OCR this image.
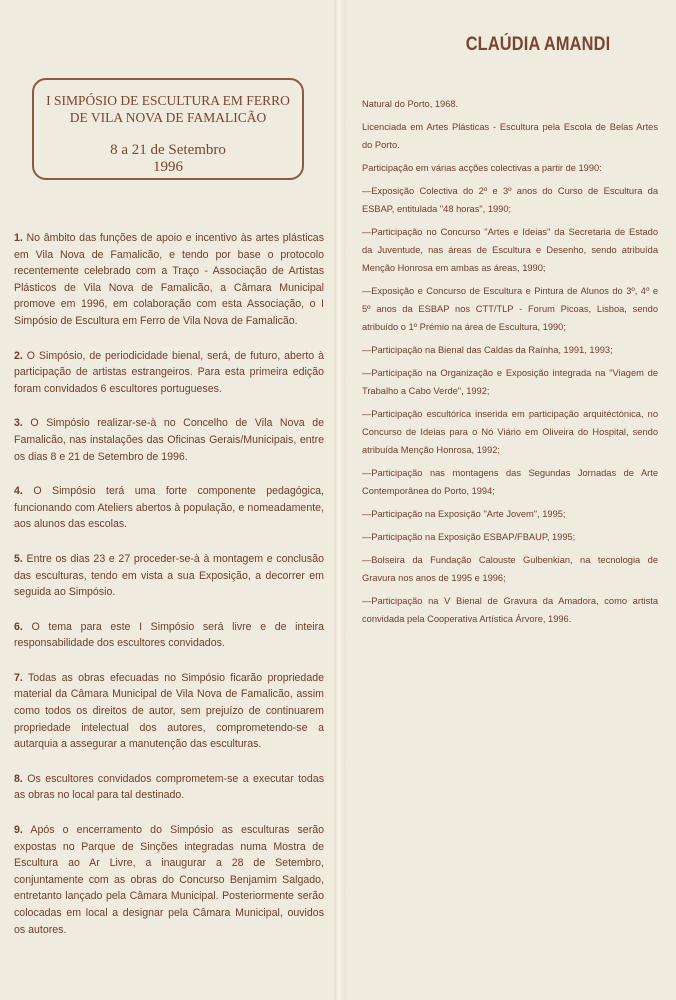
I SIMPÓSIO DE ESCULTURA EM FERRO
DE VILA NOVA DE FAMALICÃO
8 a 21 de Setembro
1996

1. No âmbito das funções de apoio e incentivo às artes plásticas em Vila Nova de Famalicão, e tendo por base o protocolo recentemente celebrado com a Traço - Associação de Artistas Plásticos de Vila Nova de Famalicão, a Câmara Municipal promove em 1996, em colaboração com esta Associação, o I Simpósio de Escultura em Ferro de Vila Nova de Famalicão.

2. O Simpósio, de periodicidade bienal, será, de futuro, aberto à participação de artistas estrangeiros. Para esta primeira edição foram convidados 6 escultores portugueses.

3. O Simpósio realizar-se-à no Concelho de Vila Nova de Famalicão, nas instalações das Oficinas Gerais/Municipais, entre os dias 8 e 21 de Setembro de 1996.

4. O Simpósio terá uma forte componente pedagógica, funcionando com Ateliers abertos à população, e nomeadamente, aos alunos das escolas.

5. Entre os dias 23 e 27 proceder-se-à à montagem e conclusão das esculturas, tendo em vista a sua Exposição, a decorrer em seguida ao Simpósio.

6. O tema para este I Simpósio será livre e de inteira responsabilidade dos escultores convidados.

7. Todas as obras efecuadas no Simpósio ficarão propriedade material da Câmara Municipal de Vila Nova de Famalicão, assim como todos os direitos de autor, sem prejuízo de continuarem propriedade intelectual dos autores, comprometendo-se a autarquia a assegurar a manutenção das esculturas.

8. Os escultores convidados comprometem-se a executar todas as obras no local para tal destinado.

9. Após o encerramento do Simpósio as esculturas serão expostas no Parque de Sinções integradas numa Mostra de Escultura ao Ar Livre, a inaugurar a 28 de Setembro, conjuntamente com as obras do Concurso Benjamim Salgado, entretanto lançado pela Câmara Municipal. Posteriormente serão colocadas em local a designar pela Câmara Municipal, ouvidos os autores.

CLAÚDIA AMANDI

Natural do Porto, 1968.

Licenciada em Artes Plásticas - Escultura pela Escola de Belas Artes do Porto.

Participação em várias acções colectivas a partir de 1990:

—Exposição Colectiva do 2º e 3º anos do Curso de Escultura da ESBAP, entitulada "48 horas", 1990;

—Participação no Concurso "Artes e Ideias" da Secretaria de Estado da Juventude, nas áreas de Escultura e Desenho, sendo atribuída Menção Honrosa em ambas as áreas, 1990;

—Exposição e Concurso de Escultura e Pintura de Alunos do 3º, 4º e 5º anos da ESBAP nos CTT/TLP - Forum Picoas, Lisboa, sendo atribuído o 1º Prémio na área de Escultura, 1990;

—Participação na Bienal das Caldas da Raínha, 1991, 1993;

—Participação na Organização e Exposição integrada na "Viagem de Trabalho a Cabo Verde", 1992;

—Participação escultórica inserida em participação arquitéctónica, no Concurso de Ideias para o Nó Viário em Oliveira do Hospital, sendo atribuída Menção Honrosa, 1992;

—Participação nas montagens das Segundas Jornadas de Arte Contemporânea do Porto, 1994;

—Participação na Exposição "Arte Jovem", 1995;

—Participação na Exposição ESBAP/FBAUP, 1995;

—Bolseira da Fundação Calouste Gulbenkian, na tecnologia de Gravura nos anos de 1995 e 1996;

—Participação na V Bienal de Gravura da Amadora, como artista convidada pela Cooperativa Artística Árvore, 1996.
